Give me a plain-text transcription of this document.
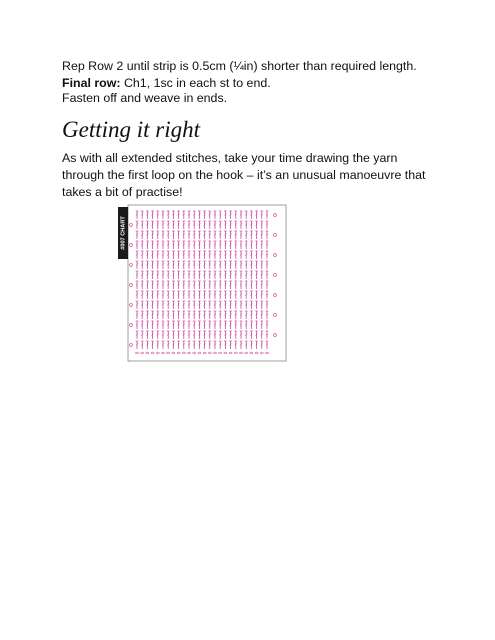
Rep Row 2 until strip is 0.5cm (¼in) shorter than required length.
Final row: Ch1, 1sc in each st to end.

Fasten off and weave in ends.

Getting it right

As with all extended stitches, take your time drawing the yarn through the first loop on the hook – it’s an unusual manoeuvre that takes a bit of practise!

#007 CHART
